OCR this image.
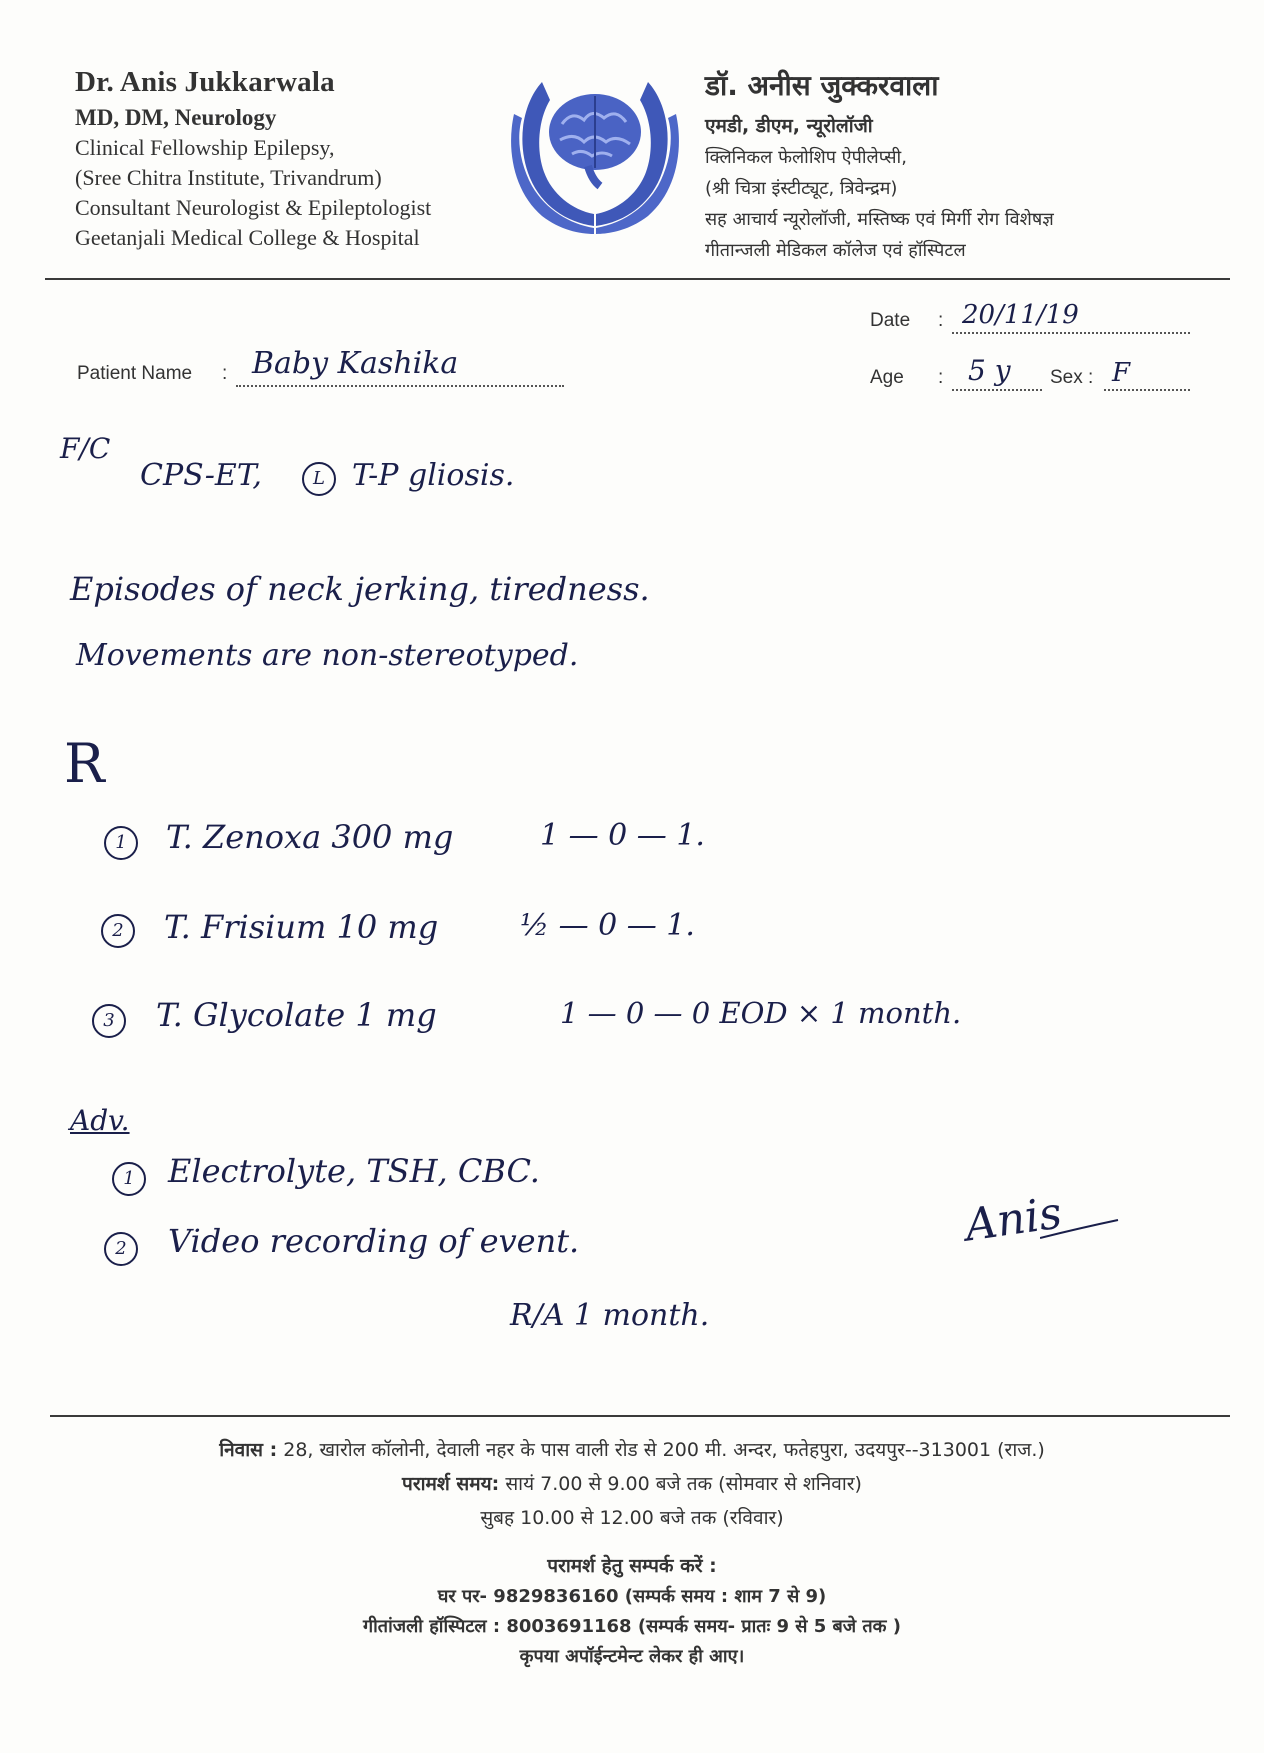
Dr. Anis Jukkarwala
MD, DM, Neurology
Clinical Fellowship Epilepsy,
(Sree Chitra Institute, Trivandrum)
Consultant Neurologist & Epileptologist
Geetanjali Medical College & Hospital
डॉ. अनीस जुक्करवाला
एमडी, डीएम, न्यूरोलॉजी
क्लिनिकल फेलोशिप ऐपीलेप्सी,
(श्री चित्रा इंस्टीट्यूट, त्रिवेन्द्रम)
सह आचार्य न्यूरोलॉजी, मस्तिष्क एवं मिर्गी रोग विशेषज्ञ
गीतान्जली मेडिकल कॉलेज एवं हॉस्पिटल
Date : 20/11/19
Patient Name : Baby Kashika	Age : 5 y Sex : F
F/C
CPS-ET,	L T-P gliosis.
Episodes of neck jerking, tiredness.
Movements are non-stereotyped.
R
1	T. Zenoxa 300 mg	1 — 0 — 1.
2	T. Frisium 10 mg	½ — 0 — 1.
3	T. Glycolate 1 mg	1 — 0 — 0 EOD × 1 month.
Adv.
1	Electrolyte, TSH, CBC.
2	Video recording of event.
R/A 1 month.
Anis
निवास : 28, खारोल कॉलोनी, देवाली नहर के पास वाली रोड से 200 मी. अन्दर, फतेहपुरा, उदयपुर--313001 (राज.)
परामर्श समय: सायं 7.00 से 9.00 बजे तक (सोमवार से शनिवार)
सुबह 10.00 से 12.00 बजे तक (रविवार)
परामर्श हेतु सम्पर्क करें :
घर पर- 9829836160 (सम्पर्क समय : शाम 7 से 9)
गीतांजली हॉस्पिटल : 8003691168 (सम्पर्क समय- प्रातः 9 से 5 बजे तक )
कृपया अपॉईन्टमेन्ट लेकर ही आए।
